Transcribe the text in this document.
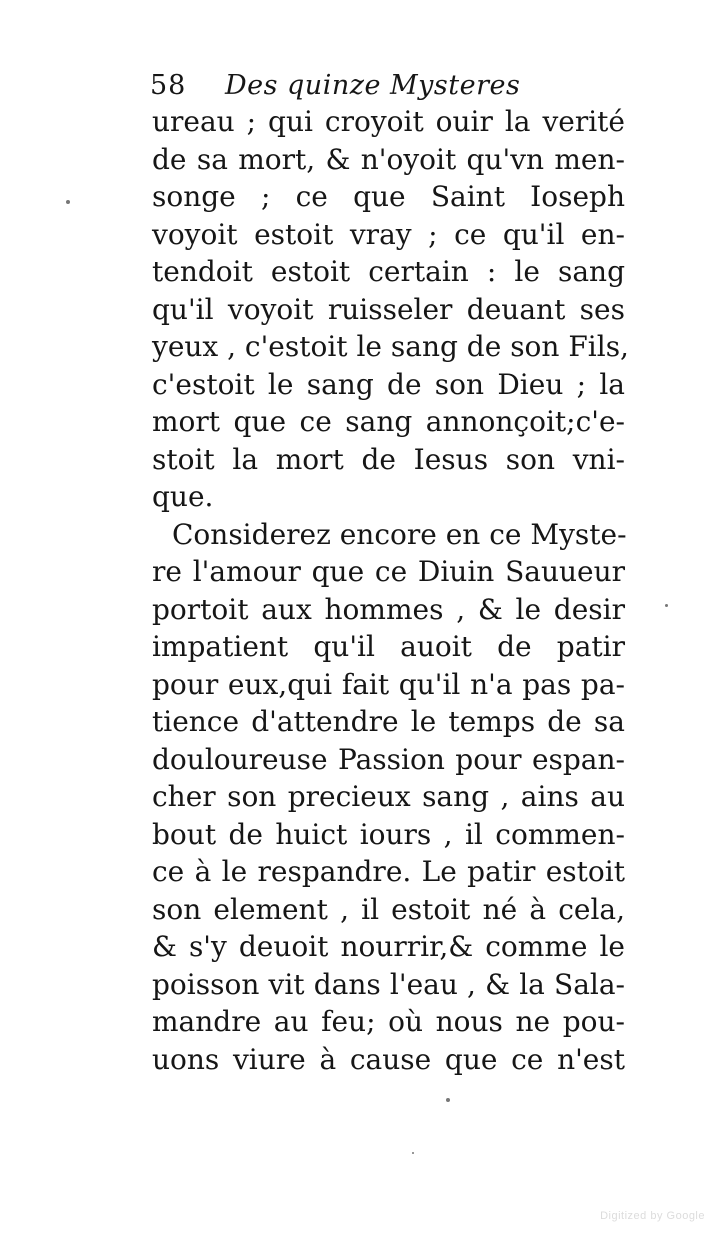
58 Des quinze Mysteres
ureau ; qui croyoit ouir la verité
de sa mort, & n'oyoit qu'vn men-
songe ; ce que Saint Ioseph
voyoit estoit vray ; ce qu'il en-
tendoit estoit certain : le sang
qu'il voyoit ruisseler deuant ses
yeux , c'estoit le sang de son Fils,
c'estoit le sang de son Dieu ; la
mort que ce sang annonçoit;c'e-
stoit la mort de Iesus son vni-
que.
Considerez encore en ce Myste-
re l'amour que ce Diuin Sauueur
portoit aux hommes , & le desir
impatient qu'il auoit de patir
pour eux,qui fait qu'il n'a pas pa-
tience d'attendre le temps de sa
douloureuse Passion pour espan-
cher son precieux sang , ains au
bout de huict iours , il commen-
ce à le respandre. Le patir estoit
son element , il estoit né à cela,
& s'y deuoit nourrir,& comme le
poisson vit dans l'eau , & la Sala-
mandre au feu; où nous ne pou-
uons viure à cause que ce n'est
Digitized by Google
